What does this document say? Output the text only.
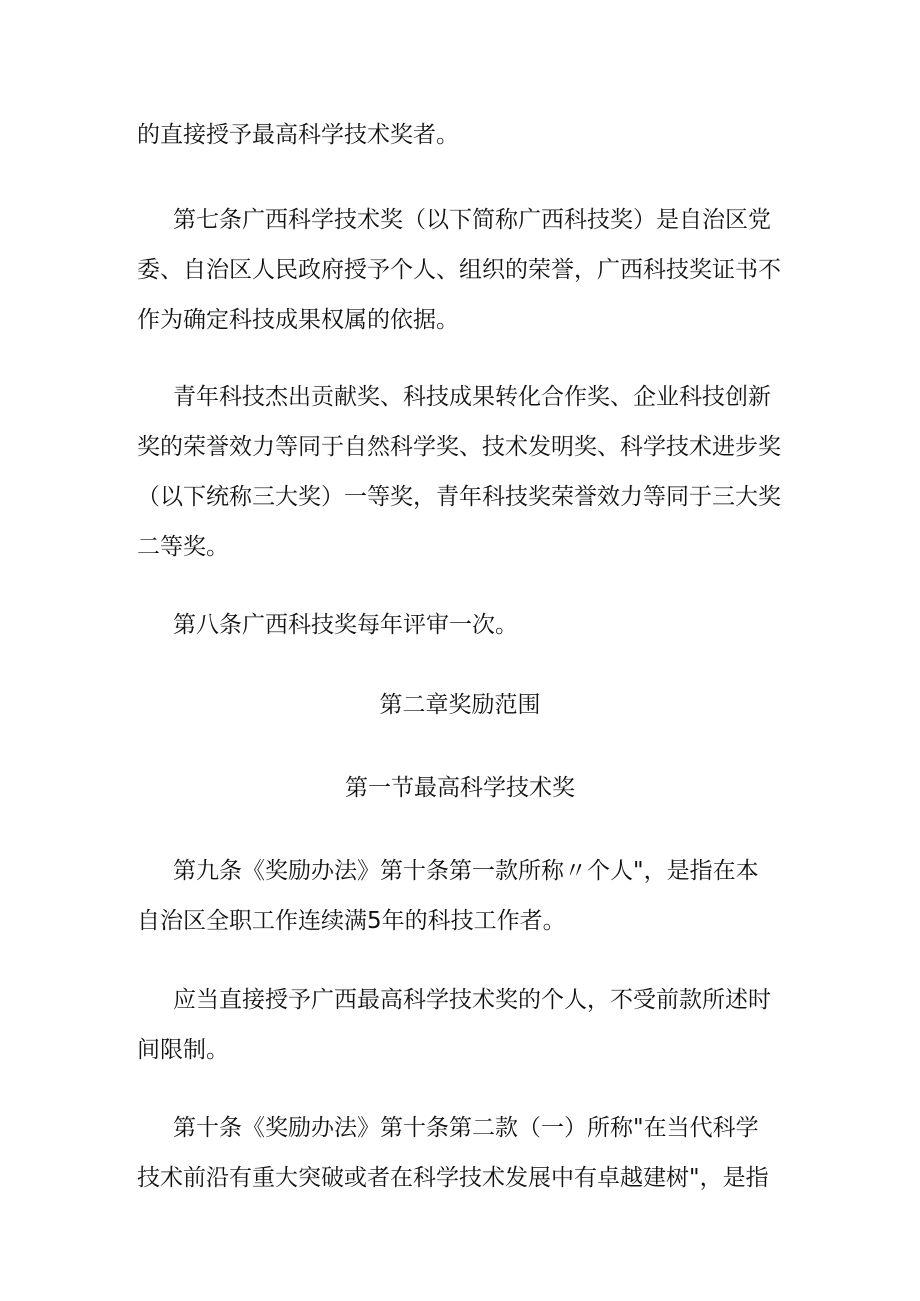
的直接授予最高科学技术奖者。
第七条广西科学技术奖（以下简称广西科技奖）是自治区党
委、自治区人民政府授予个人、组织的荣誉，广西科技奖证书不
作为确定科技成果权属的依据。
青年科技杰出贡献奖、科技成果转化合作奖、企业科技创新
奖的荣誉效力等同于自然科学奖、技术发明奖、科学技术进步奖
（以下统称三大奖）一等奖，青年科技奖荣誉效力等同于三大奖
二等奖。
第八条广西科技奖每年评审一次。
第二章奖励范围
第一节最高科学技术奖
第九条《奖励办法》第十条第一款所称〃个人"，是指在本
自治区全职工作连续满5年的科技工作者。
应当直接授予广西最高科学技术奖的个人，不受前款所述时
间限制。
第十条《奖励办法》第十条第二款（一）所称"在当代科学
技术前沿有重大突破或者在科学技术发展中有卓越建树"，是指
